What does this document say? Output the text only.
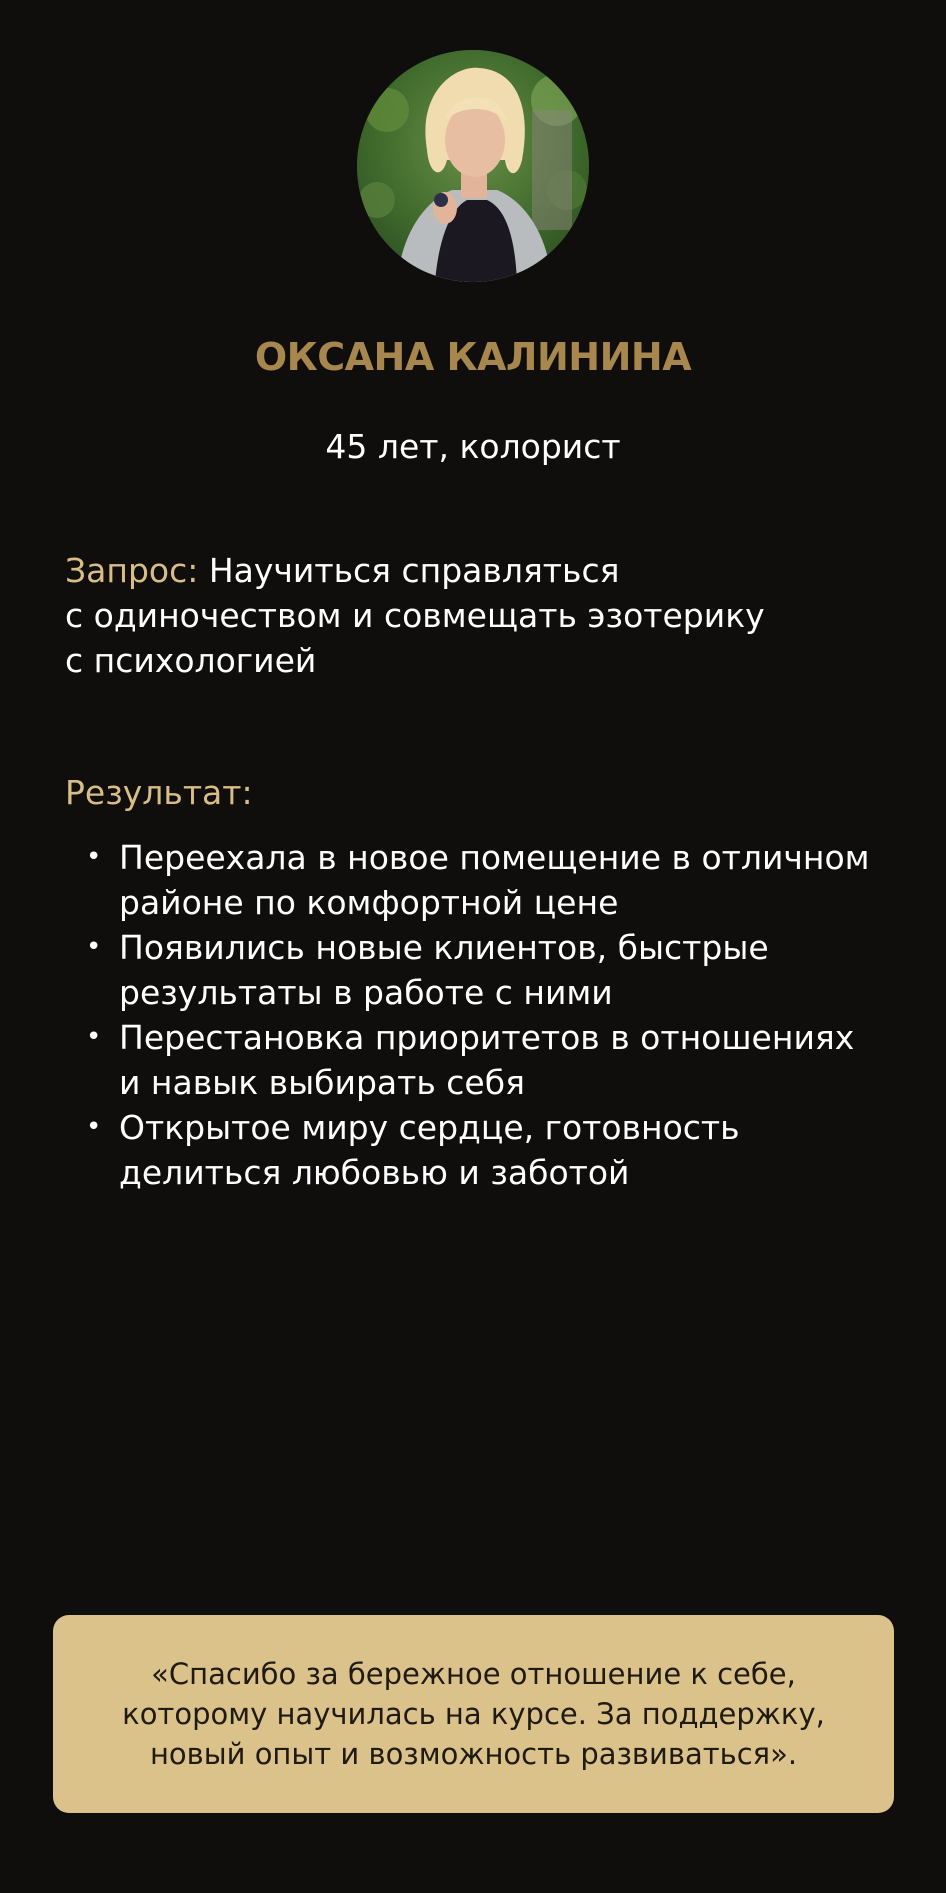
ОКСАНА КАЛИНИНА
45 лет, колорист
Запрос: Научиться справляться
с одиночеством и совмещать эзотерику
с психологией
Результат:
• Переехала в новое помещение в отличном
районе по комфортной цене
• Появились новые клиентов, быстрые
результаты в работе с ними
• Перестановка приоритетов в отношениях
и навык выбирать себя
• Открытое миру сердце, готовность
делиться любовью и заботой
«Спасибо за бережное отношение к себе,
которому научилась на курсе. За поддержку,
новый опыт и возможность развиваться».
